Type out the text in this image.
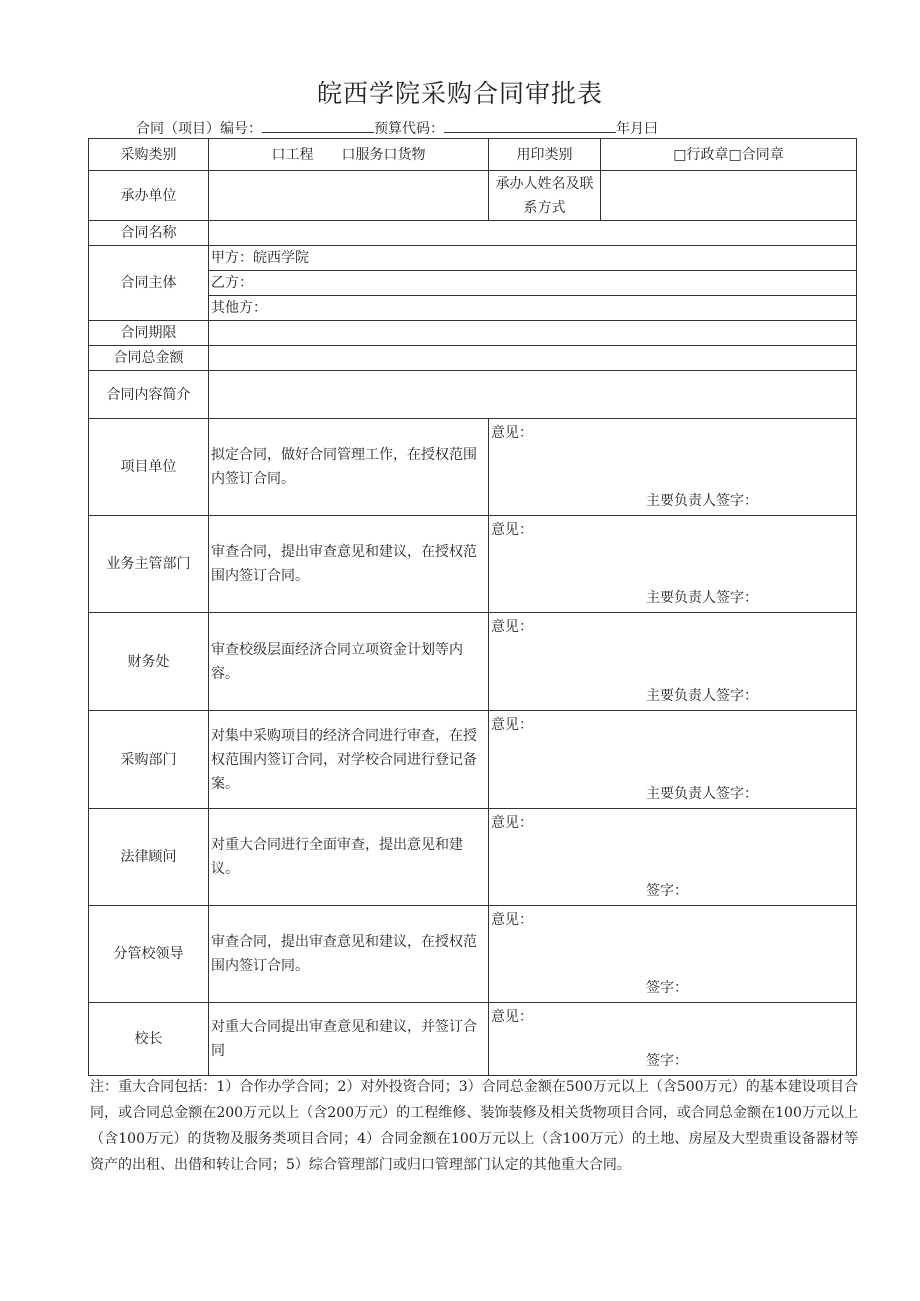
皖西学院采购合同审批表
合同（项目）编号：	预算代码：	年月曰
采购类别	口工程　　口服务口货物	用印类别	□行政章□合同章
承办单位		承办人姓名及联系方式	
合同名称			
合同主体	甲方：皖西学院		
	乙方：		
	其他方：		
合同期限			
合同总金额			
合同内容简介			
项目单位	拟定合同，做好合同管理工作，在授权范围内签订合同。	意见：
主要负责人签字：	

业务主管部门	审查合同，提出审查意见和建议，在授权范围内签订合同。	意见：
主要负责人签字：	

财务处	审查校级层面经济合同立项资金计划等内容。	意见：
主要负责人签字：	

采购部门	对集中采购项目的经济合同进行审查，在授权范围内签订合同，对学校合同进行登记备案。	意见：
主要负责人签字：	

法律顾问	对重大合同进行全面审查，提出意见和建议。	意见：
签字：	

分管校领导	审查合同，提出审查意见和建议，在授权范围内签订合同。	意见：
签字：	

校长	对重大合同提出审查意见和建议，并签订合同	意见：
签字：	
注：重大合同包括：1）合作办学合同；2）对外投资合同；3）合同总金额在500万元以上（含500万元）的基本建设项目合同，或合同总金额在200万元以上（含200万元）的工程维修、装饰装修及相关货物项目合同，或合同总金额在100万元以上（含100万元）的货物及服务类项目合同；4）合同金额在100万元以上（含100万元）的土地、房屋及大型贵重设备器材等资产的出租、出借和转让合同；5）综合管理部门或归口管理部门认定的其他重大合同。
